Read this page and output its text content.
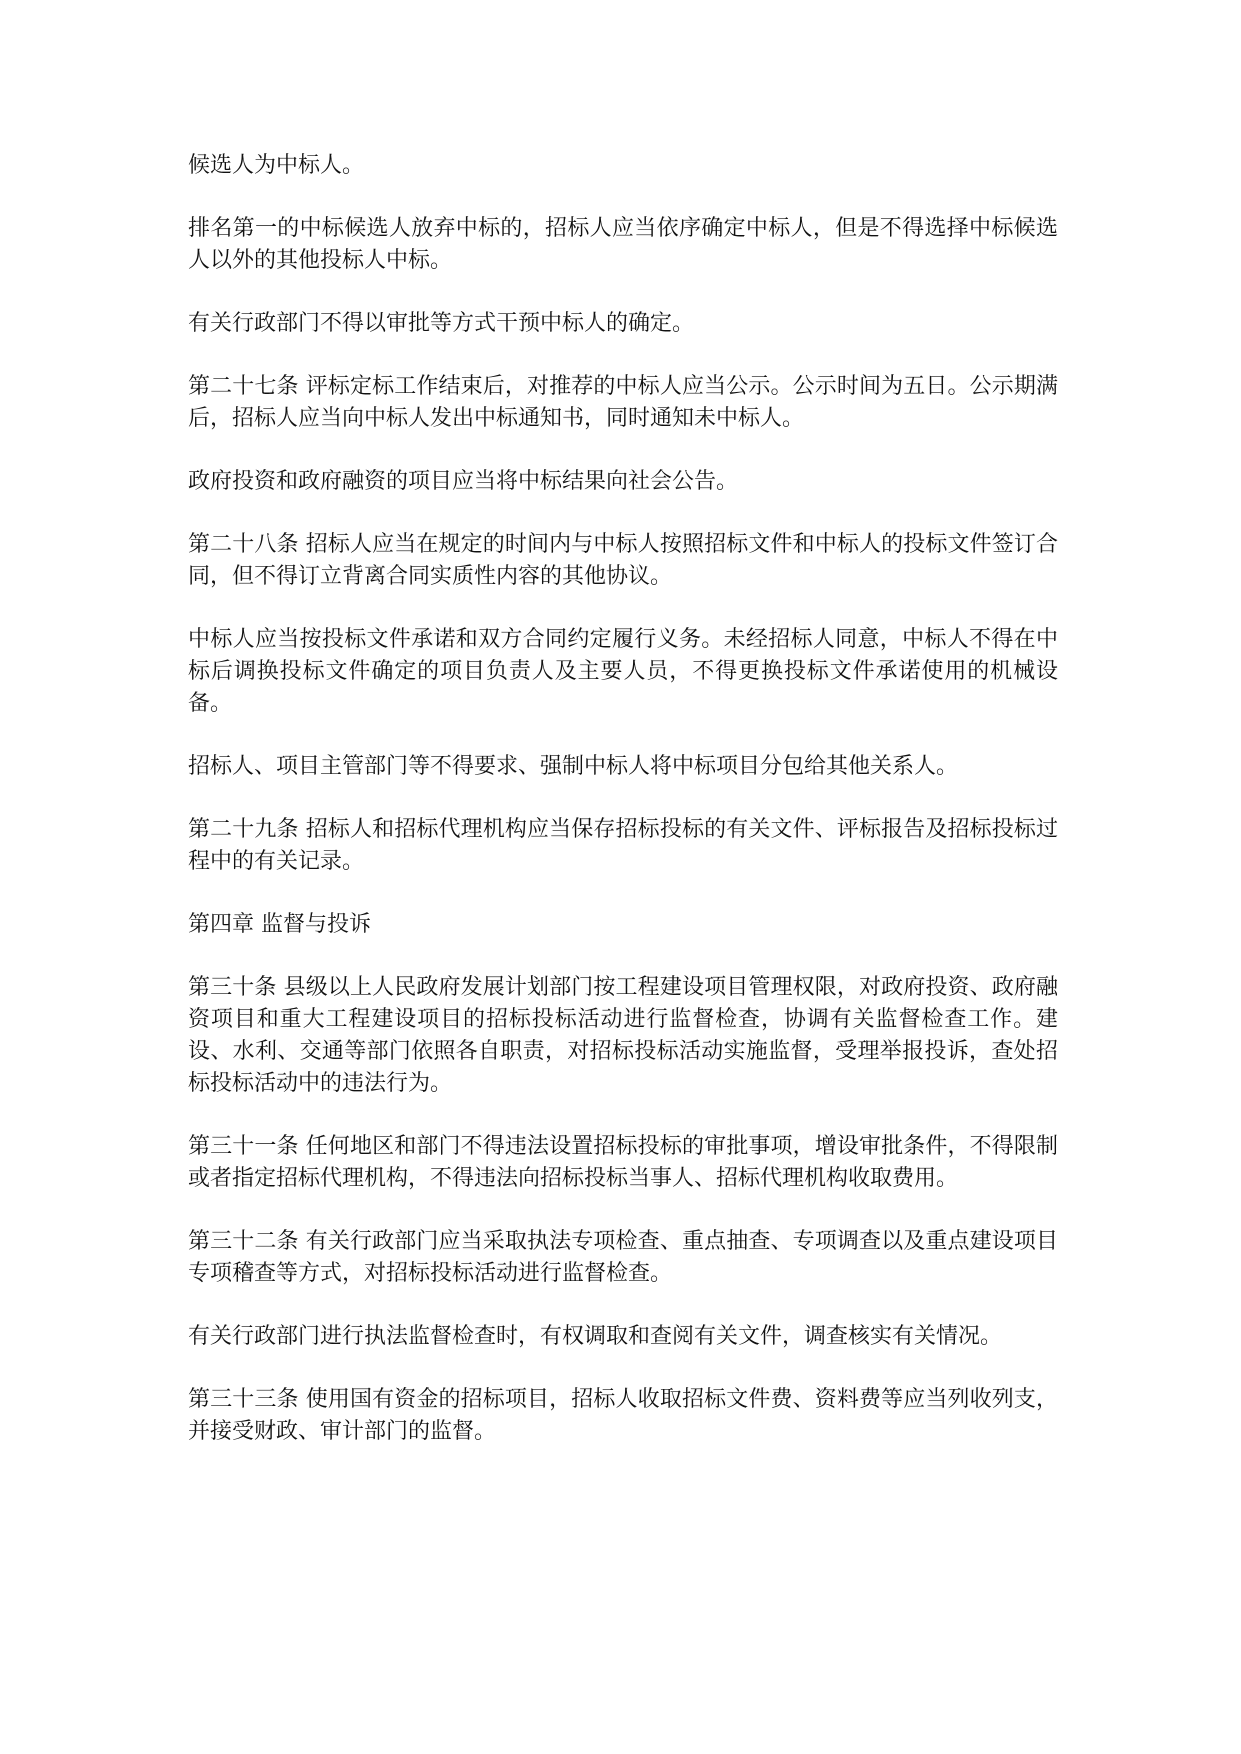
候选人为中标人。

排名第一的中标候选人放弃中标的，招标人应当依序确定中标人，但是不得选择中标候选人以外的其他投标人中标。

有关行政部门不得以审批等方式干预中标人的确定。

第二十七条 评标定标工作结束后，对推荐的中标人应当公示。公示时间为五日。公示期满后，招标人应当向中标人发出中标通知书，同时通知未中标人。

政府投资和政府融资的项目应当将中标结果向社会公告。

第二十八条 招标人应当在规定的时间内与中标人按照招标文件和中标人的投标文件签订合同，但不得订立背离合同实质性内容的其他协议。

中标人应当按投标文件承诺和双方合同约定履行义务。未经招标人同意，中标人不得在中标后调换投标文件确定的项目负责人及主要人员，不得更换投标文件承诺使用的机械设备。

招标人、项目主管部门等不得要求、强制中标人将中标项目分包给其他关系人。

第二十九条 招标人和招标代理机构应当保存招标投标的有关文件、评标报告及招标投标过程中的有关记录。

第四章 监督与投诉

第三十条 县级以上人民政府发展计划部门按工程建设项目管理权限，对政府投资、政府融资项目和重大工程建设项目的招标投标活动进行监督检查，协调有关监督检查工作。建设、水利、交通等部门依照各自职责，对招标投标活动实施监督，受理举报投诉，查处招标投标活动中的违法行为。

第三十一条 任何地区和部门不得违法设置招标投标的审批事项，增设审批条件，不得限制或者指定招标代理机构，不得违法向招标投标当事人、招标代理机构收取费用。

第三十二条 有关行政部门应当采取执法专项检查、重点抽查、专项调查以及重点建设项目专项稽查等方式，对招标投标活动进行监督检查。

有关行政部门进行执法监督检查时，有权调取和查阅有关文件，调查核实有关情况。

第三十三条 使用国有资金的招标项目，招标人收取招标文件费、资料费等应当列收列支，并接受财政、审计部门的监督。
